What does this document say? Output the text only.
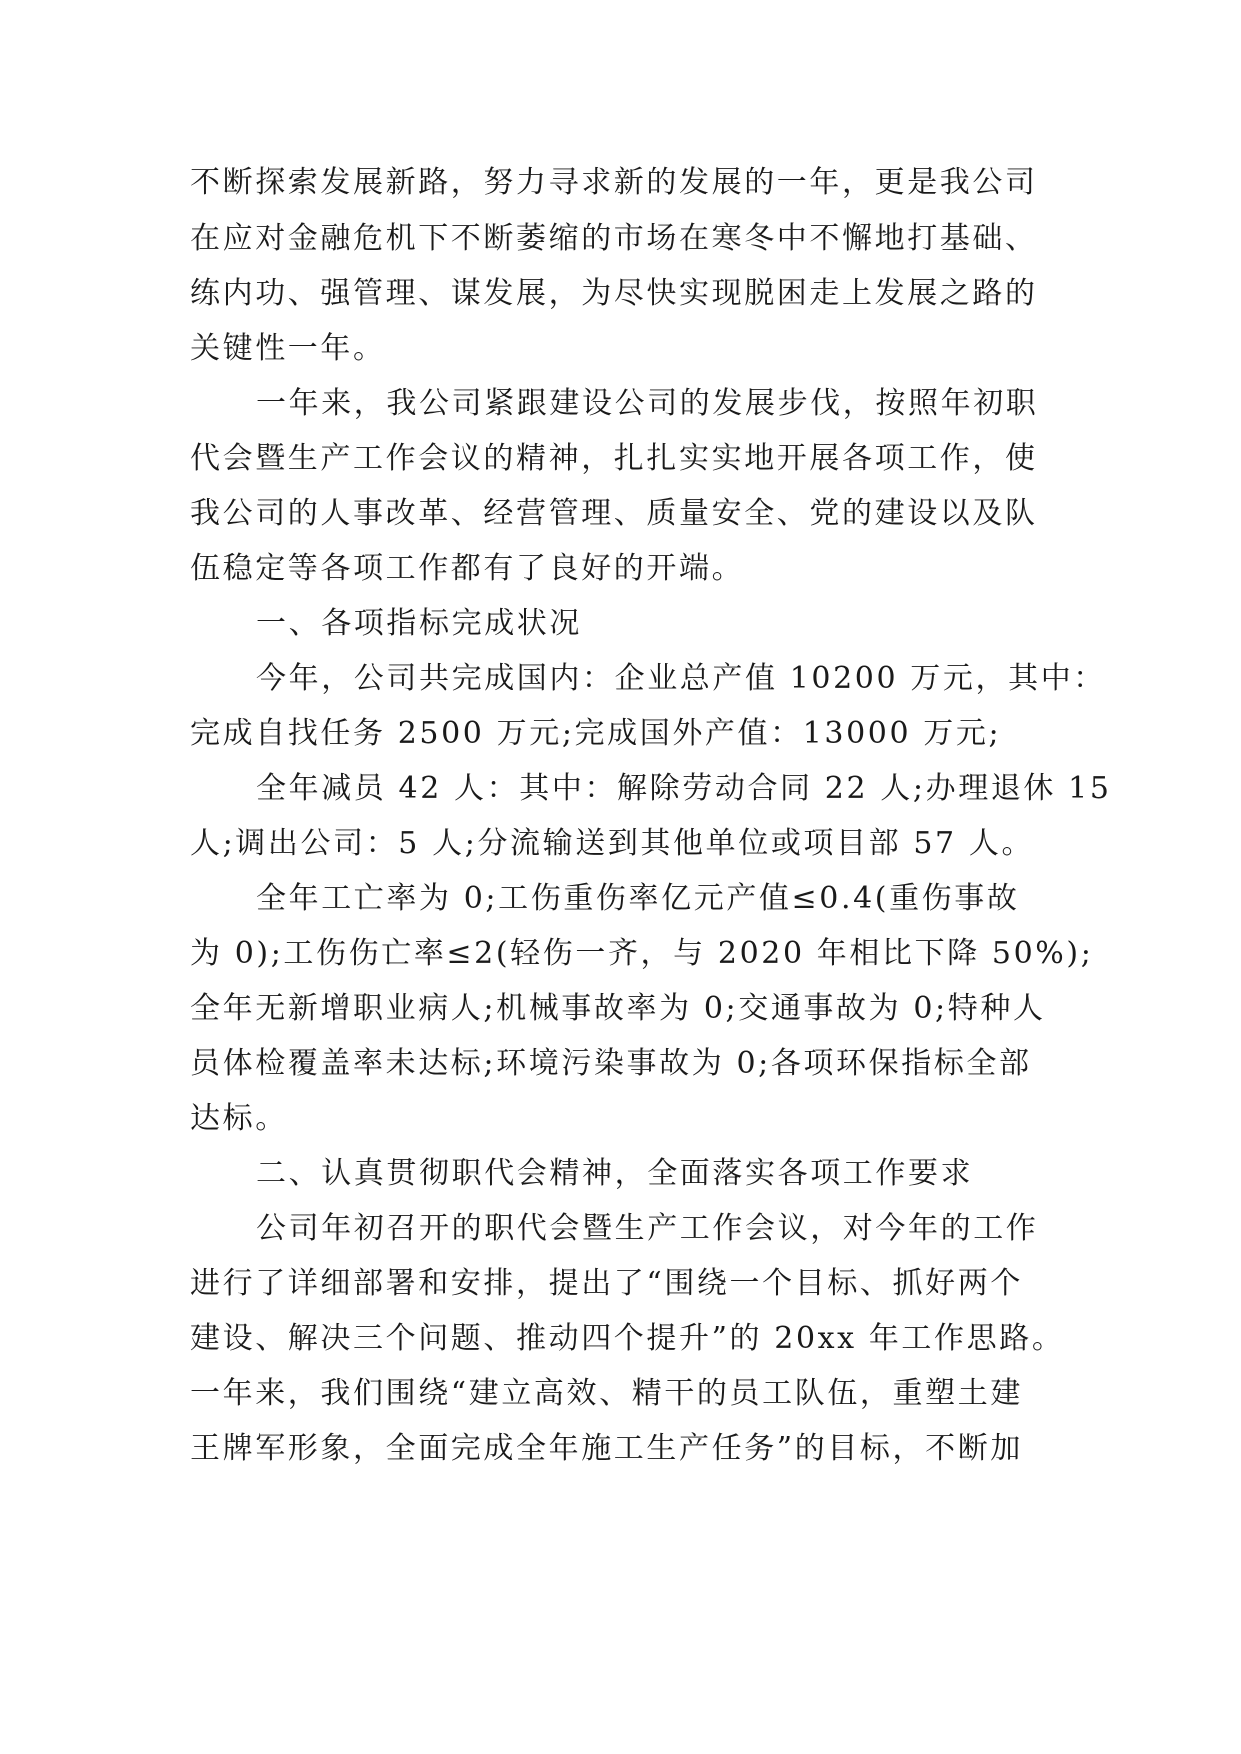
不断探索发展新路，努力寻求新的发展的一年，更是我公司
在应对金融危机下不断萎缩的市场在寒冬中不懈地打基础、
练内功、强管理、谋发展，为尽快实现脱困走上发展之路的
关键性一年。
一年来，我公司紧跟建设公司的发展步伐，按照年初职
代会暨生产工作会议的精神，扎扎实实地开展各项工作，使
我公司的人事改革、经营管理、质量安全、党的建设以及队
伍稳定等各项工作都有了良好的开端。
一、各项指标完成状况
今年，公司共完成国内：企业总产值 10200 万元，其中：
完成自找任务 2500 万元;完成国外产值：13000 万元;
全年减员 42 人：其中：解除劳动合同 22 人;办理退休 15
人;调出公司：5 人;分流输送到其他单位或项目部 57 人。
全年工亡率为 0;工伤重伤率亿元产值≤0.4(重伤事故
为 0);工伤伤亡率≤2(轻伤一齐，与 2020 年相比下降 50%);
全年无新增职业病人;机械事故率为 0;交通事故为 0;特种人
员体检覆盖率未达标;环境污染事故为 0;各项环保指标全部
达标。
二、认真贯彻职代会精神，全面落实各项工作要求
公司年初召开的职代会暨生产工作会议，对今年的工作
进行了详细部署和安排，提出了“围绕一个目标、抓好两个
建设、解决三个问题、推动四个提升”的 20xx 年工作思路。
一年来，我们围绕“建立高效、精干的员工队伍，重塑土建
王牌军形象，全面完成全年施工生产任务”的目标，不断加
